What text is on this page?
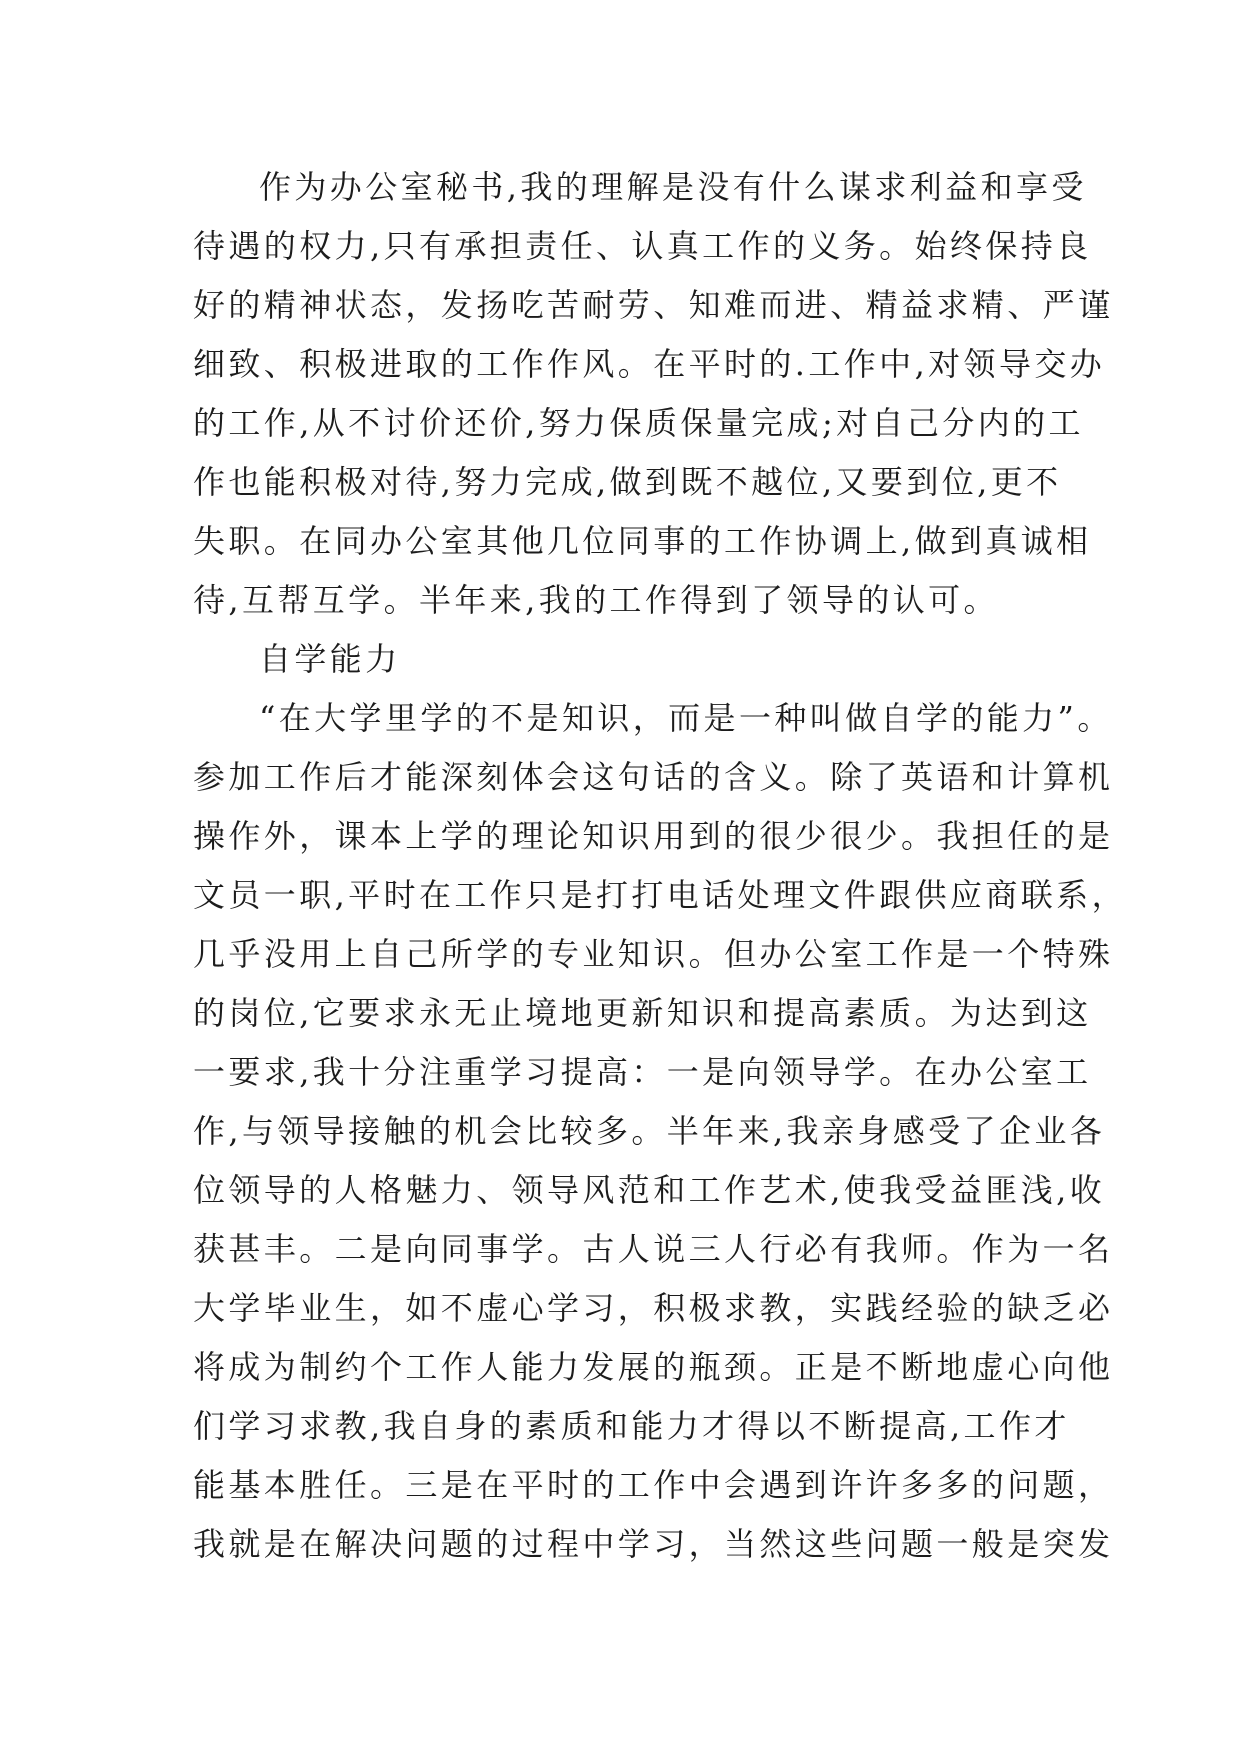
作为办公室秘书,我的理解是没有什么谋求利益和享受
待遇的权力,只有承担责任、认真工作的义务。始终保持良
好的精神状态，发扬吃苦耐劳、知难而进、精益求精、严谨
细致、积极进取的工作作风。在平时的.工作中,对领导交办
的工作,从不讨价还价,努力保质保量完成;对自己分内的工
作也能积极对待,努力完成,做到既不越位,又要到位,更不
失职。在同办公室其他几位同事的工作协调上,做到真诚相
待,互帮互学。半年来,我的工作得到了领导的认可。
自学能力
“在大学里学的不是知识，而是一种叫做自学的能力”。
参加工作后才能深刻体会这句话的含义。除了英语和计算机
操作外，课本上学的理论知识用到的很少很少。我担任的是
文员一职,平时在工作只是打打电话处理文件跟供应商联系，
几乎没用上自己所学的专业知识。但办公室工作是一个特殊
的岗位,它要求永无止境地更新知识和提高素质。为达到这
一要求,我十分注重学习提高：一是向领导学。在办公室工
作,与领导接触的机会比较多。半年来,我亲身感受了企业各
位领导的人格魅力、领导风范和工作艺术,使我受益匪浅,收
获甚丰。二是向同事学。古人说三人行必有我师。作为一名
大学毕业生，如不虚心学习，积极求教，实践经验的缺乏必
将成为制约个工作人能力发展的瓶颈。正是不断地虚心向他
们学习求教,我自身的素质和能力才得以不断提高,工作才
能基本胜任。三是在平时的工作中会遇到许许多多的问题，
我就是在解决问题的过程中学习，当然这些问题一般是突发
